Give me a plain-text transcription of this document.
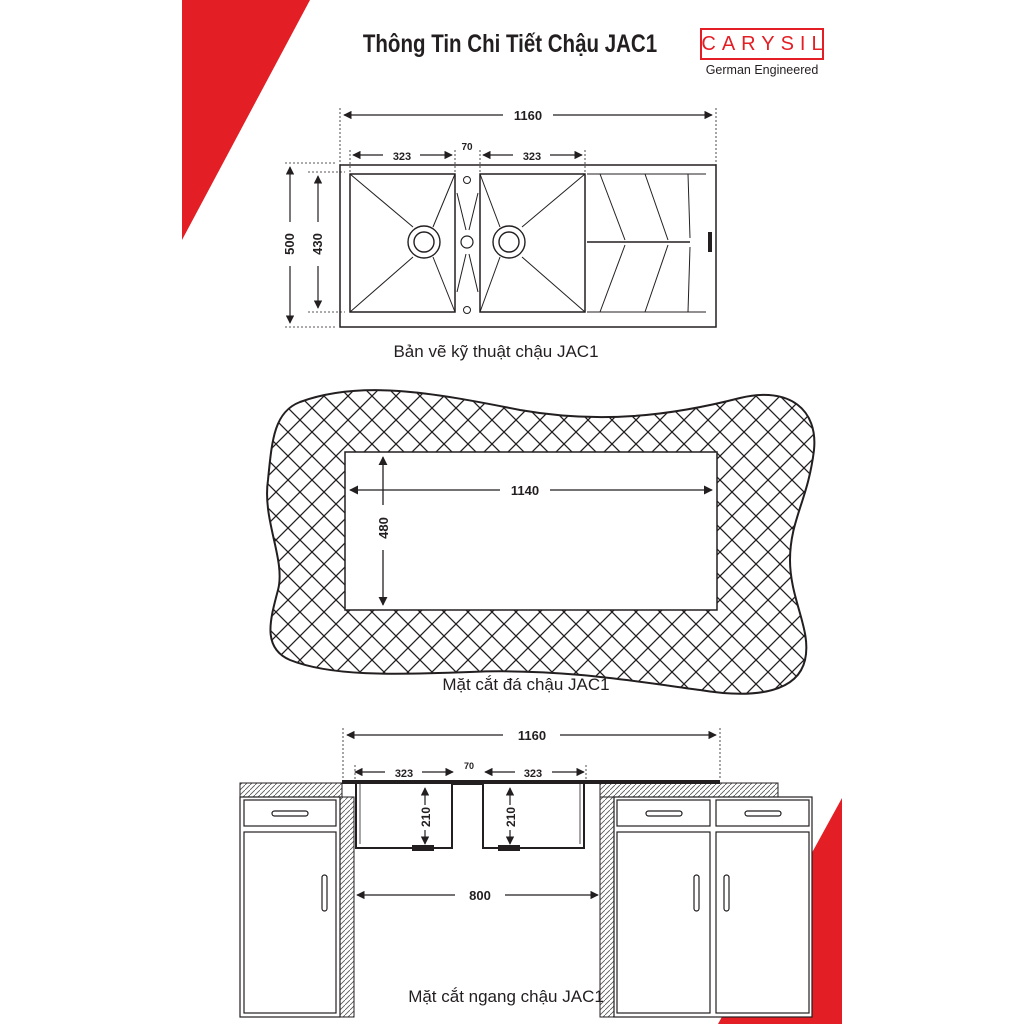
1160
323
70
323
500 430
1140
480
1160
323
70
323
210	210
800
Thông Tin Chi Tiết Chậu JAC1	CARYSIL
German Engineered
Bản vẽ kỹ thuật chậu JAC1
Mặt cắt đá chậu JAC1
Mặt cắt ngang chậu JAC1
